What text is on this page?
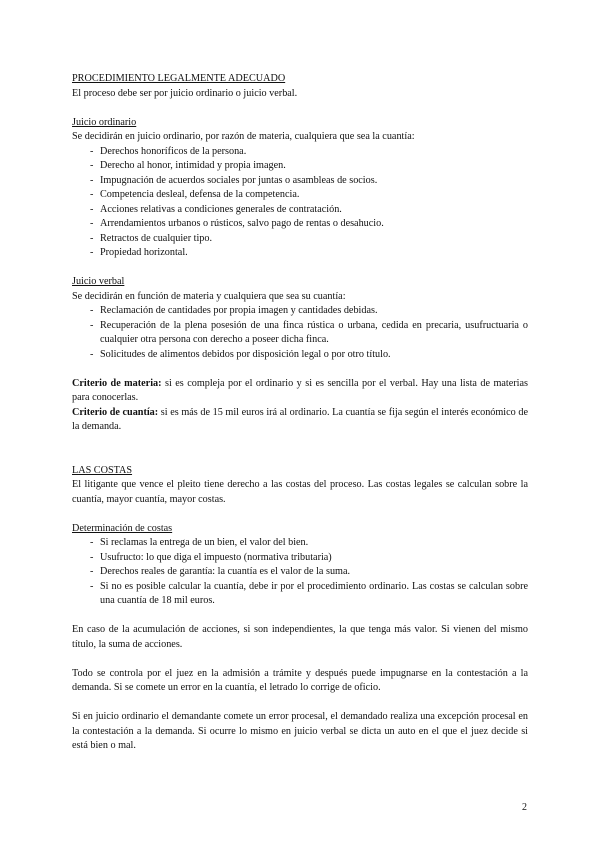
PROCEDIMIENTO LEGALMENTE ADECUADO

El proceso debe ser por juicio ordinario o juicio verbal.

Juicio ordinario

Se decidirán en juicio ordinario, por razón de materia, cualquiera que sea la cuantía:

- Derechos honoríficos de la persona.
- Derecho al honor, intimidad y propia imagen.
- Impugnación de acuerdos sociales por juntas o asambleas de socios.
- Competencia desleal, defensa de la competencia.
- Acciones relativas a condiciones generales de contratación.
- Arrendamientos urbanos o rústicos, salvo pago de rentas o desahucio.
- Retractos de cualquier tipo.
- Propiedad horizontal.

Juicio verbal

Se decidirán en función de materia y cualquiera que sea su cuantía:

- Reclamación de cantidades por propia imagen y cantidades debidas.
- Recuperación de la plena posesión de una finca rústica o urbana, cedida en precaria, usufructuaria o cualquier otra persona con derecho a poseer dicha finca.
- Solicitudes de alimentos debidos por disposición legal o por otro título.

Criterio de materia: si es compleja por el ordinario y si es sencilla por el verbal. Hay una lista de materias para conocerlas.

Criterio de cuantía: si es más de 15 mil euros irá al ordinario. La cuantía se fija según el interés económico de la demanda.

LAS COSTAS

El litigante que vence el pleito tiene derecho a las costas del proceso. Las costas legales se calculan sobre la cuantía, mayor cuantía, mayor costas.

Determinación de costas

- Si reclamas la entrega de un bien, el valor del bien.
- Usufructo: lo que diga el impuesto (normativa tributaria)
- Derechos reales de garantía: la cuantía es el valor de la suma.
- Si no es posible calcular la cuantía, debe ir por el procedimiento ordinario. Las costas se calculan sobre una cuantía de 18 mil euros.

En caso de la acumulación de acciones, si son independientes, la que tenga más valor. Si vienen del mismo título, la suma de acciones.

Todo se controla por el juez en la admisión a trámite y después puede impugnarse en la contestación a la demanda. Si se comete un error en la cuantía, el letrado lo corrige de oficio.

Si en juicio ordinario el demandante comete un error procesal, el demandado realiza una excepción procesal en la contestación a la demanda. Si ocurre lo mismo en juicio verbal se dicta un auto en el que el juez decide si está bien o mal.

2
